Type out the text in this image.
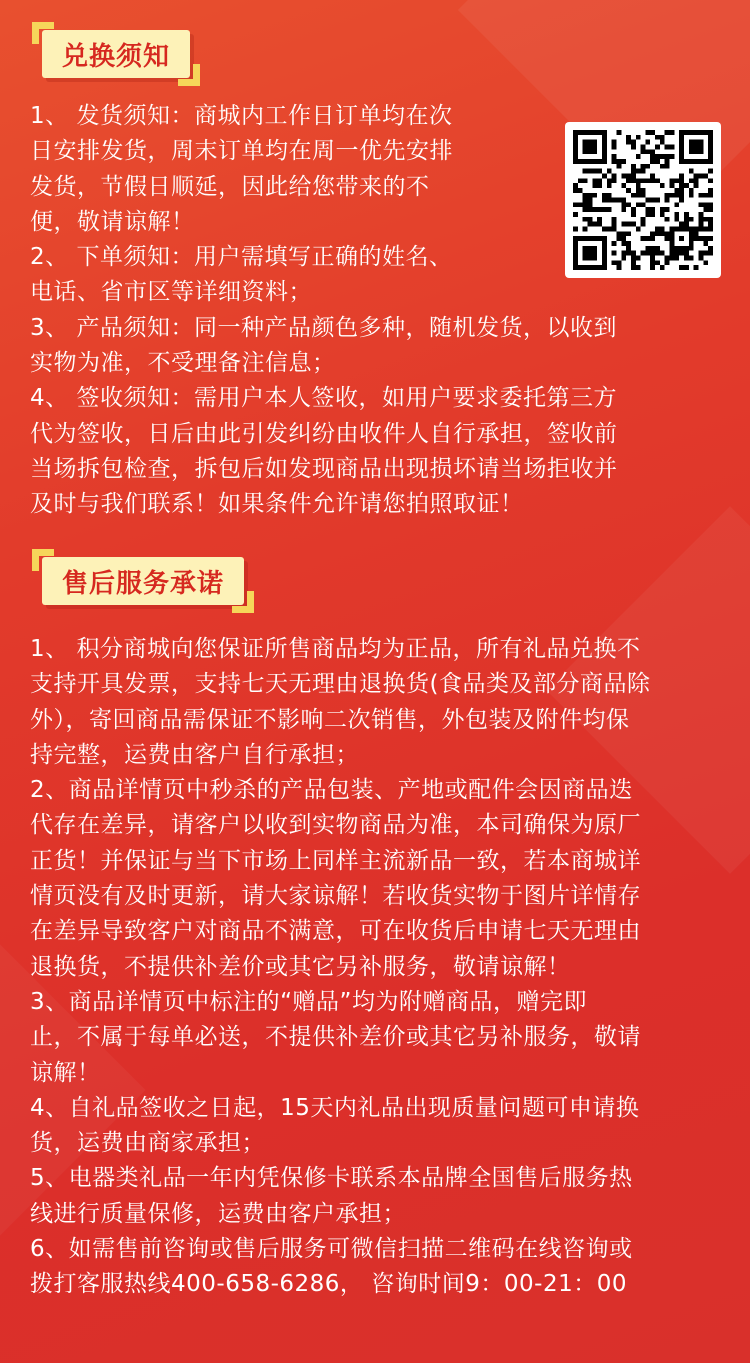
兑换须知

1、 发货须知：商城内工作日订单均在次

日安排发货，周末订单均在周一优先安排

发货，节假日顺延，因此给您带来的不

便，敬请谅解！

2、 下单须知：用户需填写正确的姓名、

电话、省市区等详细资料；

3、 产品须知：同一种产品颜色多种，随机发货，以收到

实物为准，不受理备注信息；

4、 签收须知：需用户本人签收，如用户要求委托第三方

代为签收，日后由此引发纠纷由收件人自行承担，签收前

当场拆包检查，拆包后如发现商品出现损坏请当场拒收并

及时与我们联系！如果条件允许请您拍照取证！

售后服务承诺

1、 积分商城向您保证所售商品均为正品，所有礼品兑换不

支持开具发票，支持七天无理由退换货(食品类及部分商品除

外），寄回商品需保证不影响二次销售，外包装及附件均保

持完整，运费由客户自行承担；

2、商品详情页中秒杀的产品包装、产地或配件会因商品迭

代存在差异，请客户以收到实物商品为准，本司确保为原厂

正货！并保证与当下市场上同样主流新品一致，若本商城详

情页没有及时更新，请大家谅解！若收货实物于图片详情存

在差异导致客户对商品不满意，可在收货后申请七天无理由

退换货，不提供补差价或其它另补服务，敬请谅解！

3、商品详情页中标注的“赠品”均为附赠商品，赠完即

止，不属于每单必送，不提供补差价或其它另补服务，敬请

谅解！

4、自礼品签收之日起，15天内礼品出现质量问题可申请换

货，运费由商家承担；

5、电器类礼品一年内凭保修卡联系本品牌全国售后服务热

线进行质量保修，运费由客户承担；

6、如需售前咨询或售后服务可微信扫描二维码在线咨询或

拨打客服热线400-658-6286， 咨询时间9：00-21：00
